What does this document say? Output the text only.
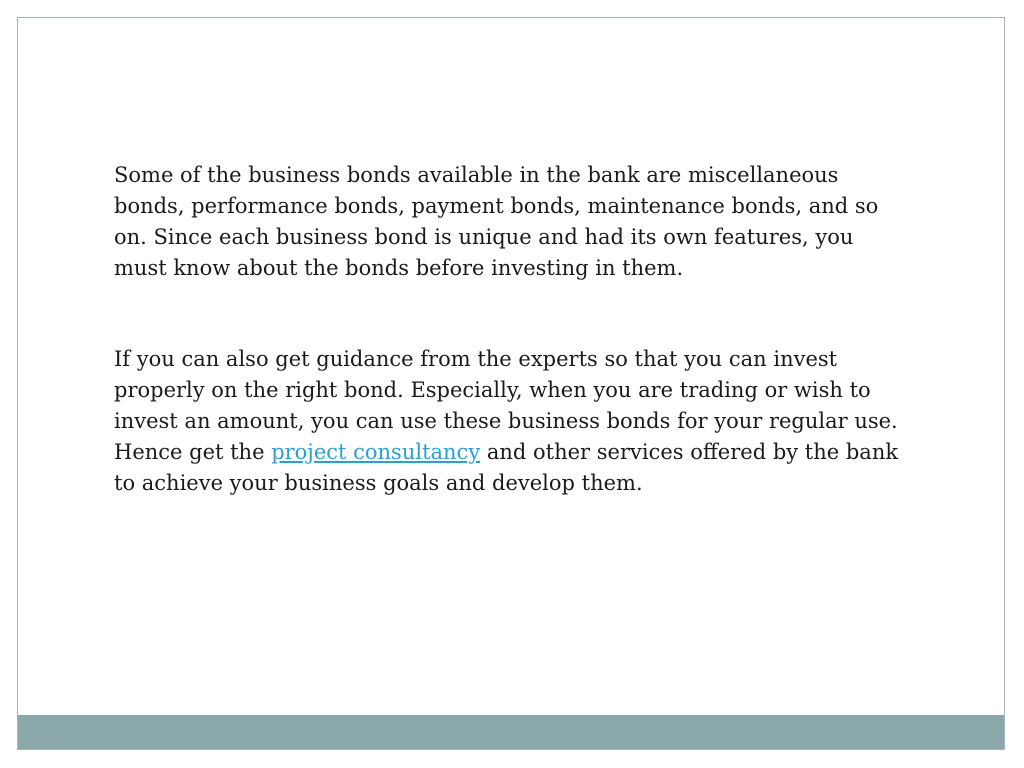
Some of the business bonds available in the bank are miscellaneous bonds, performance bonds, payment bonds, maintenance bonds, and so on. Since each business bond is unique and had its own features, you must know about the bonds before investing in them.

If you can also get guidance from the experts so that you can invest properly on the right bond. Especially, when you are trading or wish to invest an amount, you can use these business bonds for your regular use. Hence get the project consultancy and other services offered by the bank to achieve your business goals and develop them.
